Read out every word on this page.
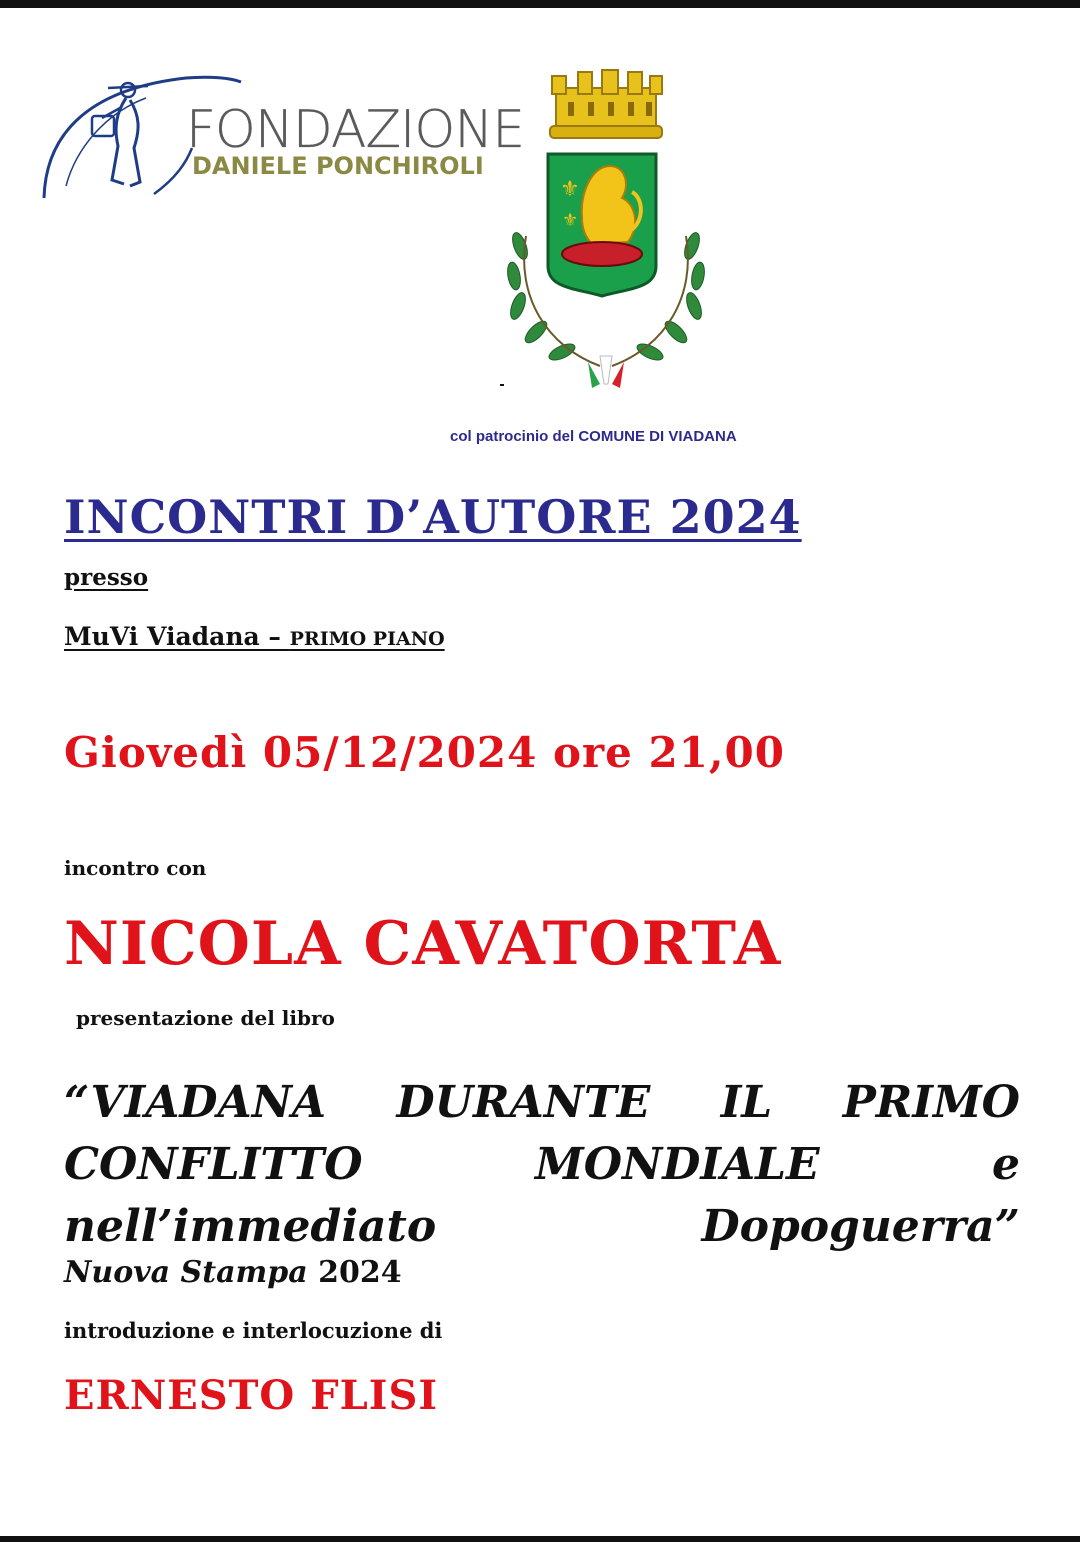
FONDAZIONE
DANIELE PONCHIROLI
⚜
⚜
col patrocinio del COMUNE DI VIADANA
INCONTRI D’AUTORE 2024
presso
MuVi Viadana – PRIMO PIANO
Giovedì 05/12/2024 ore 21,00
incontro con
NICOLA CAVATORTA
presentazione del libro
“VIADANA DURANTE IL PRIMO
CONFLITTO	MONDIALE	e
nell’immediato	Dopoguerra”
Nuova Stampa 2024
introduzione e interlocuzione di
ERNESTO FLISI
